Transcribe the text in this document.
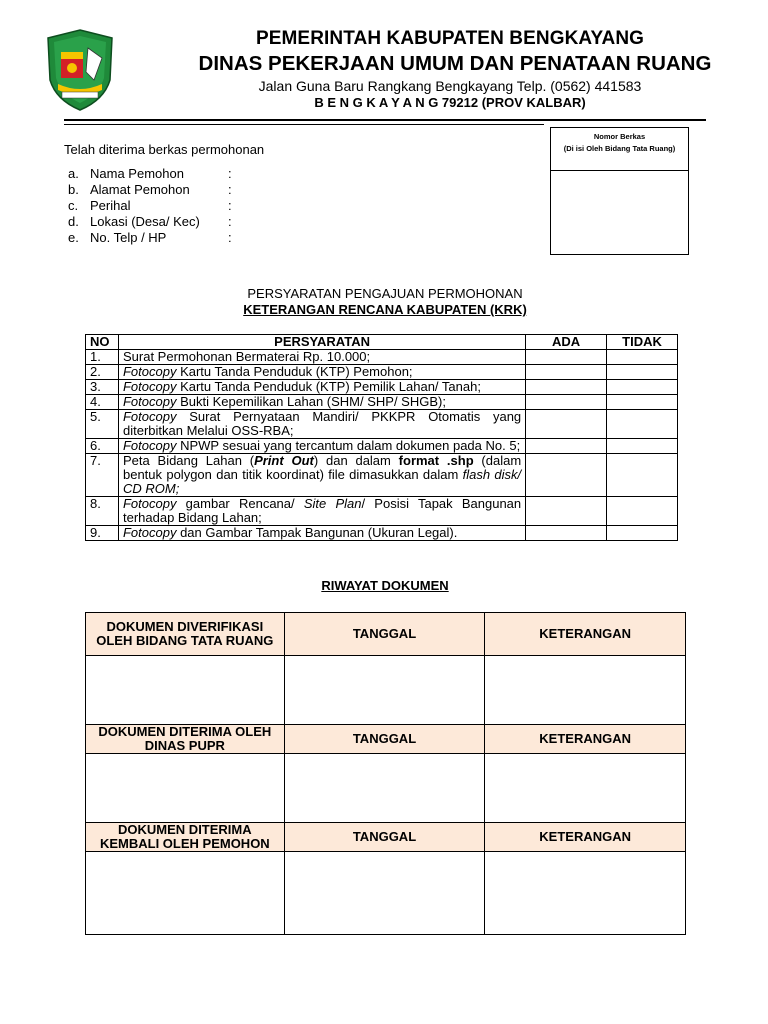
PEMERINTAH KABUPATEN BENGKAYANG
DINAS PEKERJAAN UMUM DAN PENATAAN RUANG
Jalan Guna Baru Rangkang Bengkayang Telp. (0562) 441583
B E N G K A Y A N G 79212 (PROV KALBAR)
Nomor Berkas
(Di isi Oleh Bidang Tata Ruang)
Telah diterima berkas permohonan
a. Nama Pemohon	:
b. Alamat Pemohon	:
c. Perihal	:
d. Lokasi (Desa/ Kec)	:
e. No. Telp / HP	:
PERSYARATAN PENGAJUAN PERMOHONAN
KETERANGAN RENCANA KABUPATEN (KRK)
NO	PERSYARATAN	ADA	TIDAK
1.	Surat Permohonan Bermaterai Rp. 10.000;		
2.	Fotocopy Kartu Tanda Penduduk (KTP) Pemohon;		
3.	Fotocopy Kartu Tanda Penduduk (KTP) Pemilik Lahan/ Tanah;		
4.	Fotocopy Bukti Kepemilikan Lahan (SHM/ SHP/ SHGB);		
5.	Fotocopy Surat Pernyataan Mandiri/ PKKPR Otomatis yang diterbitkan Melalui OSS-RBA;		
6.	Fotocopy NPWP sesuai yang tercantum dalam dokumen pada No. 5;		
7.	Peta Bidang Lahan (Print Out) dan dalam format .shp (dalam bentuk polygon dan titik koordinat) file dimasukkan dalam flash disk/ CD ROM;		
8.	Fotocopy gambar Rencana/ Site Plan/ Posisi Tapak Bangunan terhadap Bidang Lahan;		
9.	Fotocopy dan Gambar Tampak Bangunan (Ukuran Legal).		
RIWAYAT DOKUMEN
DOKUMEN DIVERIFIKASI OLEH BIDANG TATA RUANG	TANGGAL	KETERANGAN

DOKUMEN DITERIMA OLEH DINAS PUPR	TANGGAL	KETERANGAN

DOKUMEN DITERIMA KEMBALI OLEH PEMOHON	TANGGAL	KETERANGAN
